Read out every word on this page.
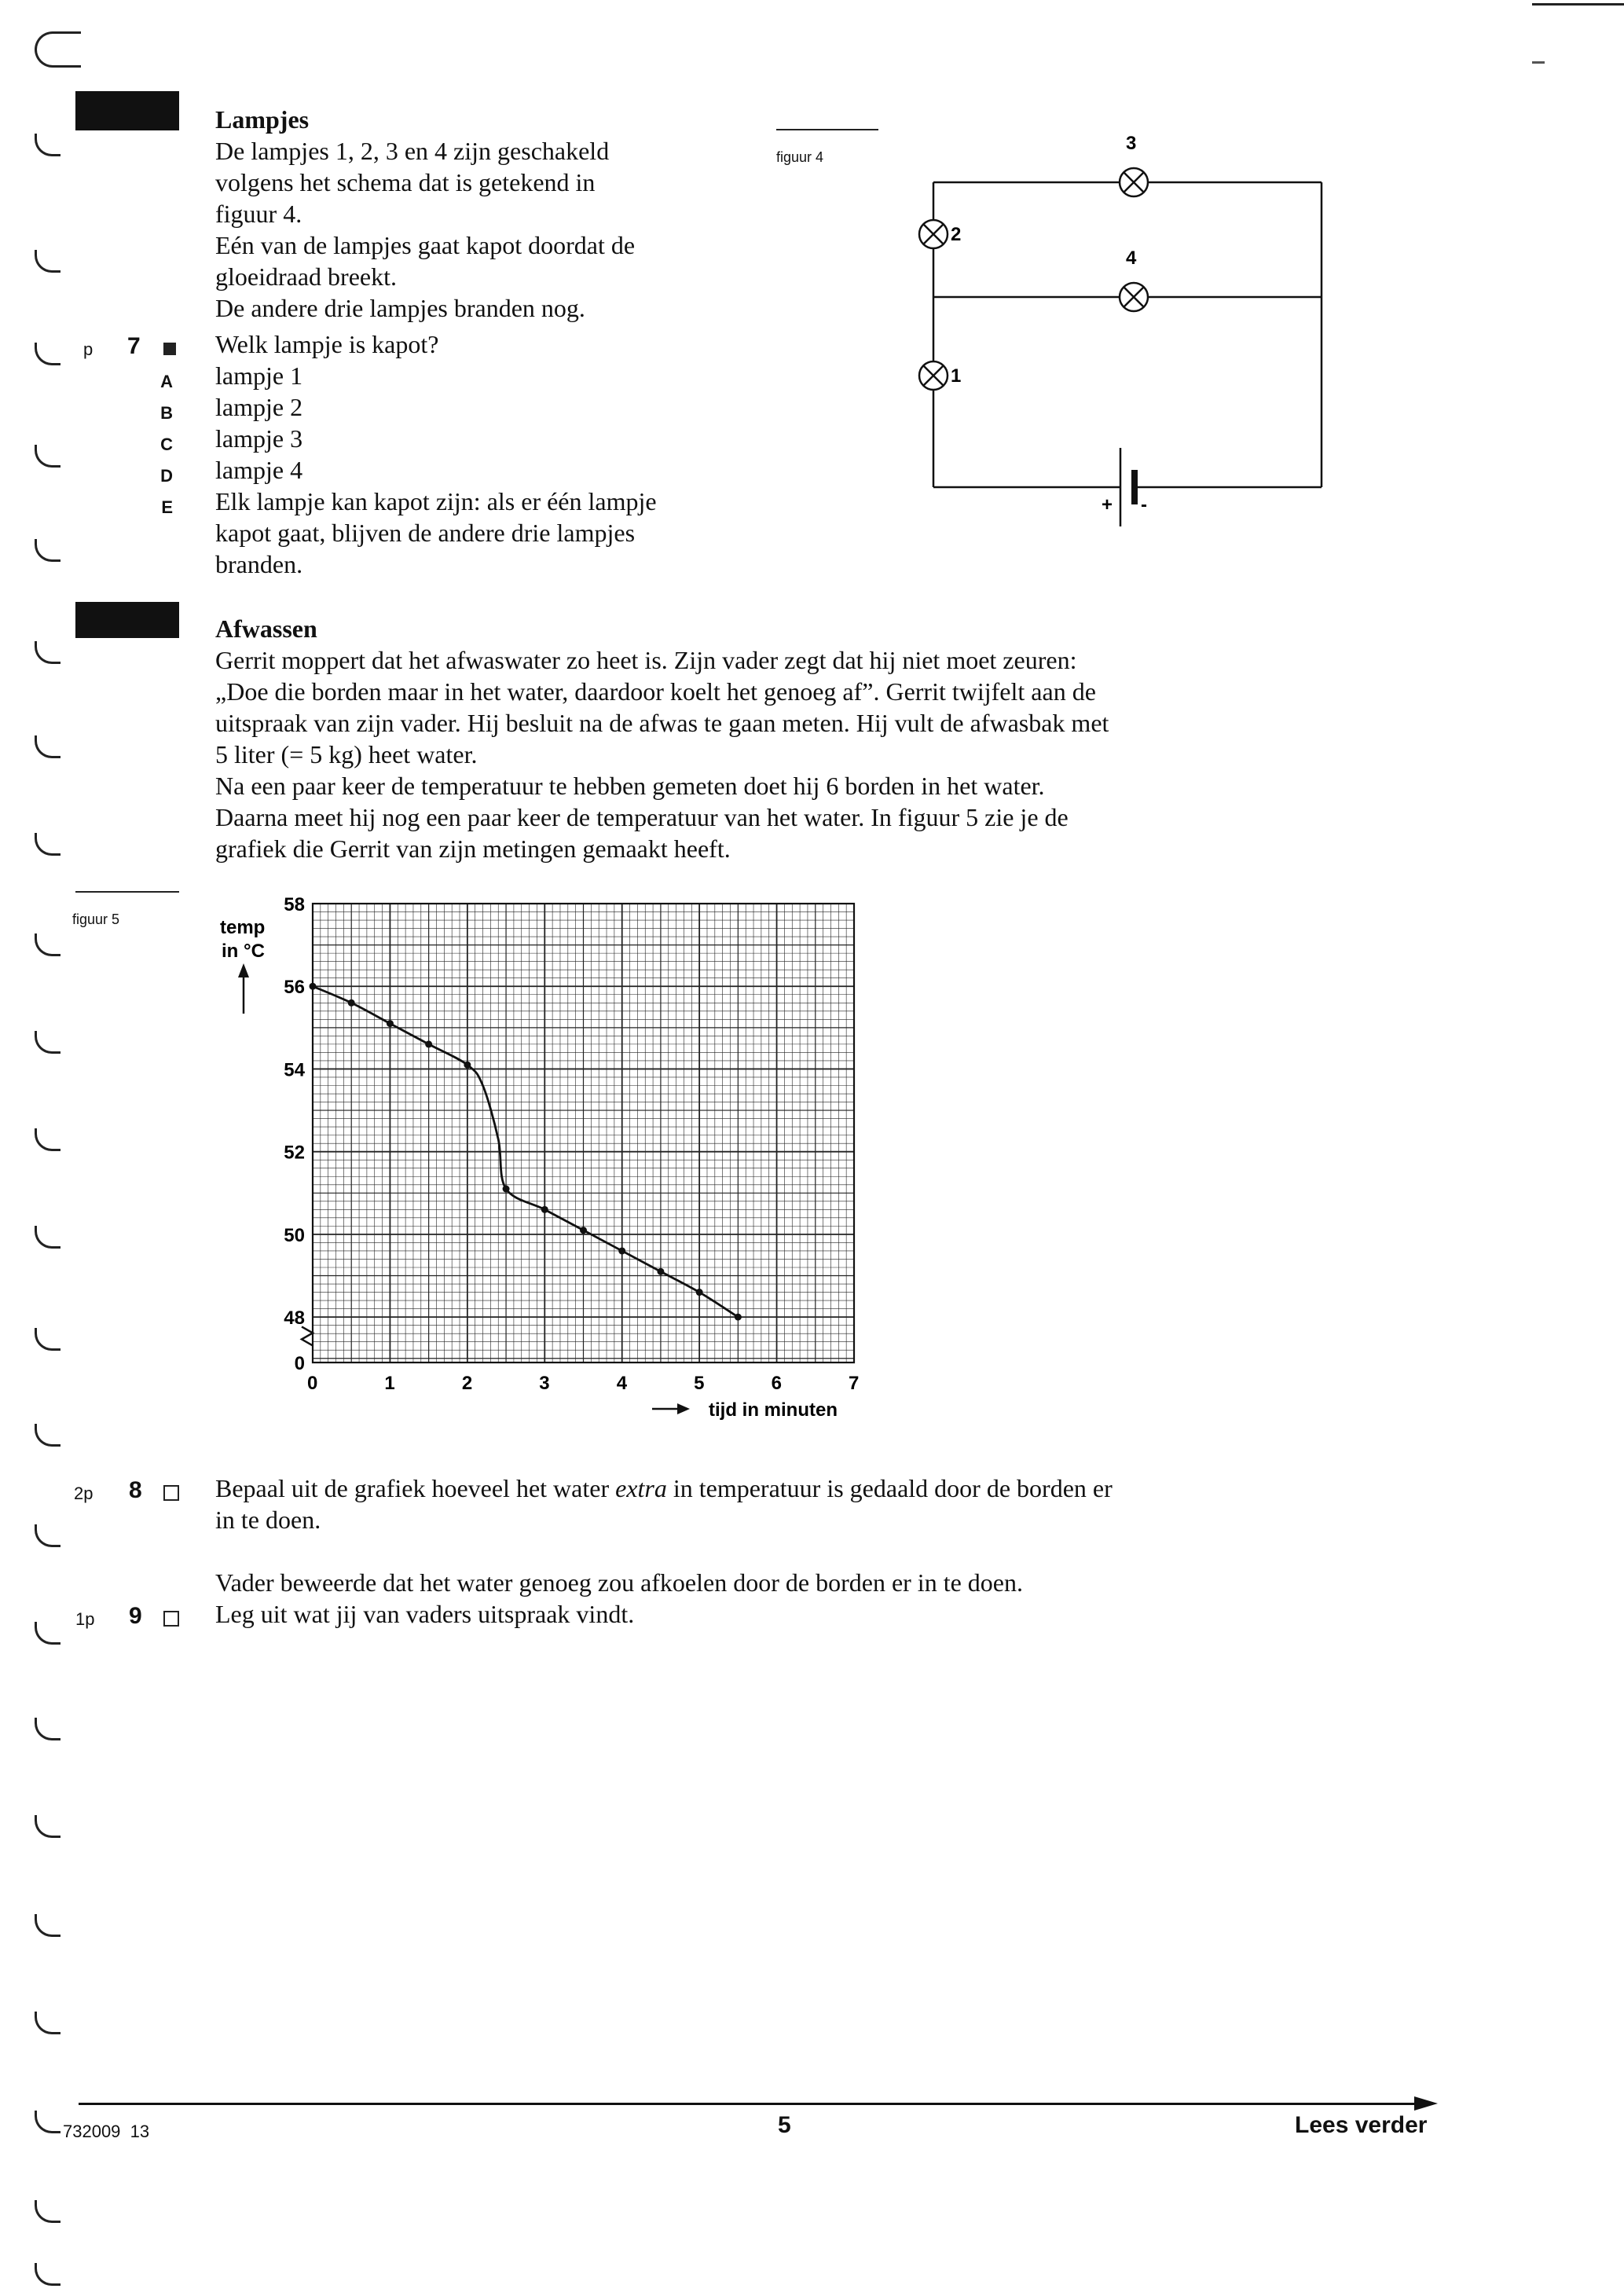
Lampjes
De lampjes 1, 2, 3 en 4 zijn geschakeld
volgens het schema dat is getekend in
figuur 4.
Eén van de lampjes gaat kapot doordat de
gloeidraad breekt.
De andere drie lampjes branden nog.
p 7	Welk lampje is kapot?
A lampje 1
B lampje 2
C lampje 3
D lampje 4
E Elk lampje kan kapot zijn: als er één lampje
kapot gaat, blijven de andere drie lampjes
branden.
figuur 4
3
4
2
1
+ -
Afwassen
Gerrit moppert dat het afwaswater zo heet is. Zijn vader zegt dat hij niet moet zeuren:
„Doe die borden maar in het water, daardoor koelt het genoeg af”. Gerrit twijfelt aan de
uitspraak van zijn vader. Hij besluit na de afwas te gaan meten. Hij vult de afwasbak met
5 liter (= 5 kg) heet water.
Na een paar keer de temperatuur te hebben gemeten doet hij 6 borden in het water.
Daarna meet hij nog een paar keer de temperatuur van het water. In figuur 5 zie je de
grafiek die Gerrit van zijn metingen gemaakt heeft.
figuur 5
0	1	2	3	4	5	6	7
0
48
50
52
54
56
58
temp
in °C
tijd in minuten
2p 8	Bepaal uit de grafiek hoeveel het water extra in temperatuur is gedaald door de borden er
in te doen.
Vader beweerde dat het water genoeg zou afkoelen door de borden er in te doen.
1p 9	Leg uit wat jij van vaders uitspraak vindt.
732009  13	5	Lees verder
